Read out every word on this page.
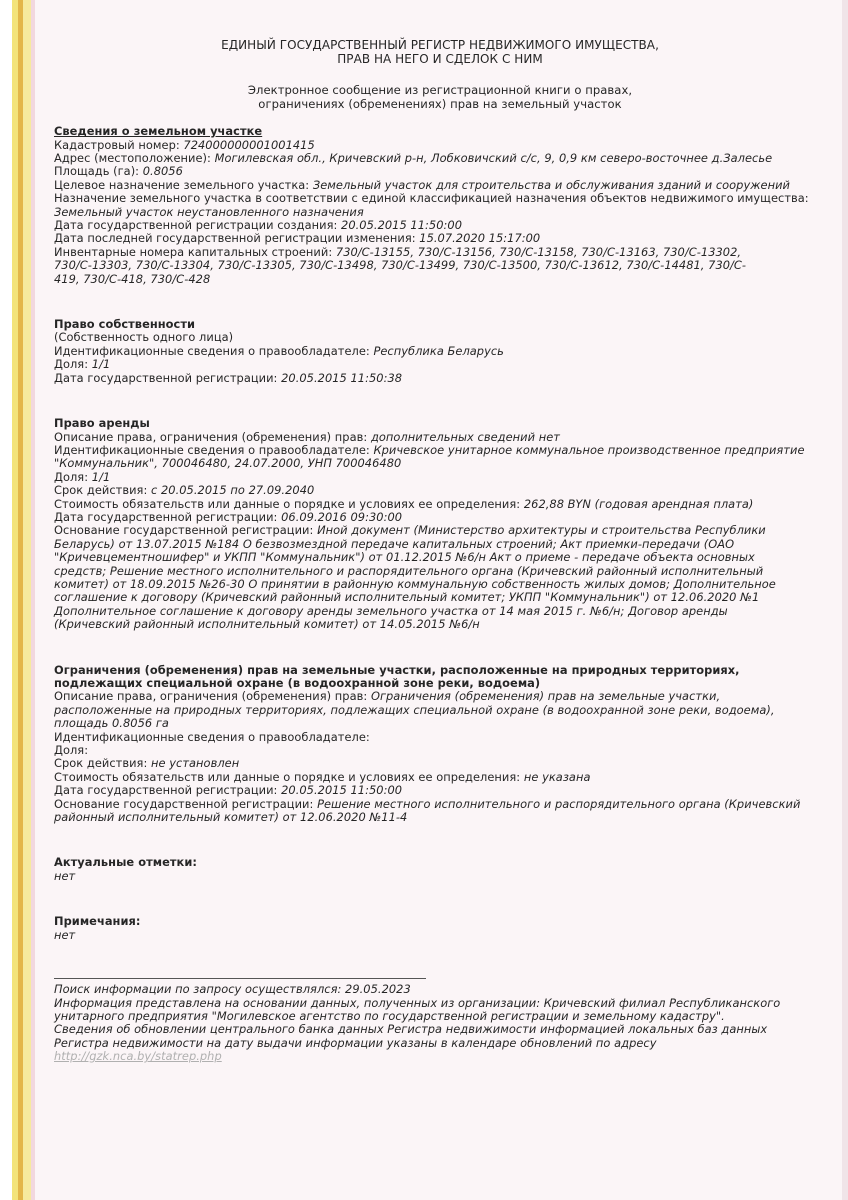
ЕДИНЫЙ ГОСУДАРСТВЕННЫЙ РЕГИСТР НЕДВИЖИМОГО ИМУЩЕСТВА,
ПРАВ НА НЕГО И СДЕЛОК С НИМ
Электронное сообщение из регистрационной книги о правах,
ограничениях (обременениях) прав на земельный участок
Сведения о земельном участке
Кадастровый номер: 724000000001001415
Адрес (местоположение): Могилевская обл., Кричевский р-н, Лобковичский с/с, 9, 0,9 км северо-восточнее д.Залесье
Площадь (га): 0.8056
Целевое назначение земельного участка: Земельный участок для строительства и обслуживания зданий и сооружений
Назначение земельного участка в соответствии с единой классификацией назначения объектов недвижимого имущества:
Земельный участок неустановленного назначения
Дата государственной регистрации создания: 20.05.2015 11:50:00
Дата последней государственной регистрации изменения: 15.07.2020 15:17:00
Инвентарные номера капитальных строений: 730/C-13155, 730/C-13156, 730/C-13158, 730/C-13163, 730/C-13302,
730/C-13303, 730/C-13304, 730/C-13305, 730/C-13498, 730/C-13499, 730/C-13500, 730/C-13612, 730/C-14481, 730/C-
419, 730/C-418, 730/C-428
Право собственности
(Собственность одного лица)
Идентификационные сведения о правообладателе: Республика Беларусь
Доля: 1/1
Дата государственной регистрации: 20.05.2015 11:50:38
Право аренды
Описание права, ограничения (обременения) прав: дополнительных сведений нет
Идентификационные сведения о правообладателе: Кричевское унитарное коммунальное производственное предприятие
"Коммунальник", 700046480, 24.07.2000, УНП 700046480
Доля: 1/1
Срок действия: с 20.05.2015 по 27.09.2040
Стоимость обязательств или данные о порядке и условиях ее определения: 262,88 BYN (годовая арендная плата)
Дата государственной регистрации: 06.09.2016 09:30:00
Основание государственной регистрации: Иной документ (Министерство архитектуры и строительства Республики
Беларусь) от 13.07.2015 №184 О безвозмездной передаче капитальных строений; Акт приемки-передачи (ОАО
"Кричевцементношифер" и УКПП "Коммунальник") от 01.12.2015 №6/н Акт о приеме - передаче объекта основных
средств; Решение местного исполнительного и распорядительного органа (Кричевский районный исполнительный
комитет) от 18.09.2015 №26-30 О принятии в районную коммунальную собственность жилых домов; Дополнительное
соглашение к договору (Кричевский районный исполнительный комитет; УКПП "Коммунальник") от 12.06.2020 №1
Дополнительное соглашение к договору аренды земельного участка от 14 мая 2015 г. №6/н; Договор аренды
(Кричевский районный исполнительный комитет) от 14.05.2015 №6/н
Ограничения (обременения) прав на земельные участки, расположенные на природных территориях,
подлежащих специальной охране (в водоохранной зоне реки, водоема)
Описание права, ограничения (обременения) прав: Ограничения (обременения) прав на земельные участки,
расположенные на природных территориях, подлежащих специальной охране (в водоохранной зоне реки, водоема),
площадь 0.8056 га
Идентификационные сведения о правообладателе:
Доля:
Срок действия: не установлен
Стоимость обязательств или данные о порядке и условиях ее определения: не указана
Дата государственной регистрации: 20.05.2015 11:50:00
Основание государственной регистрации: Решение местного исполнительного и распорядительного органа (Кричевский
районный исполнительный комитет) от 12.06.2020 №11-4
Актуальные отметки:
нет
Примечания:
нет
Поиск информации по запросу осуществлялся: 29.05.2023
Информация представлена на основании данных, полученных из организации: Кричевский филиал Республиканского
унитарного предприятия "Могилевское агентство по государственной регистрации и земельному кадастру".
Сведения об обновлении центрального банка данных Регистра недвижимости информацией локальных баз данных
Регистра недвижимости на дату выдачи информации указаны в календаре обновлений по адресу
http://gzk.nca.by/statrep.php
